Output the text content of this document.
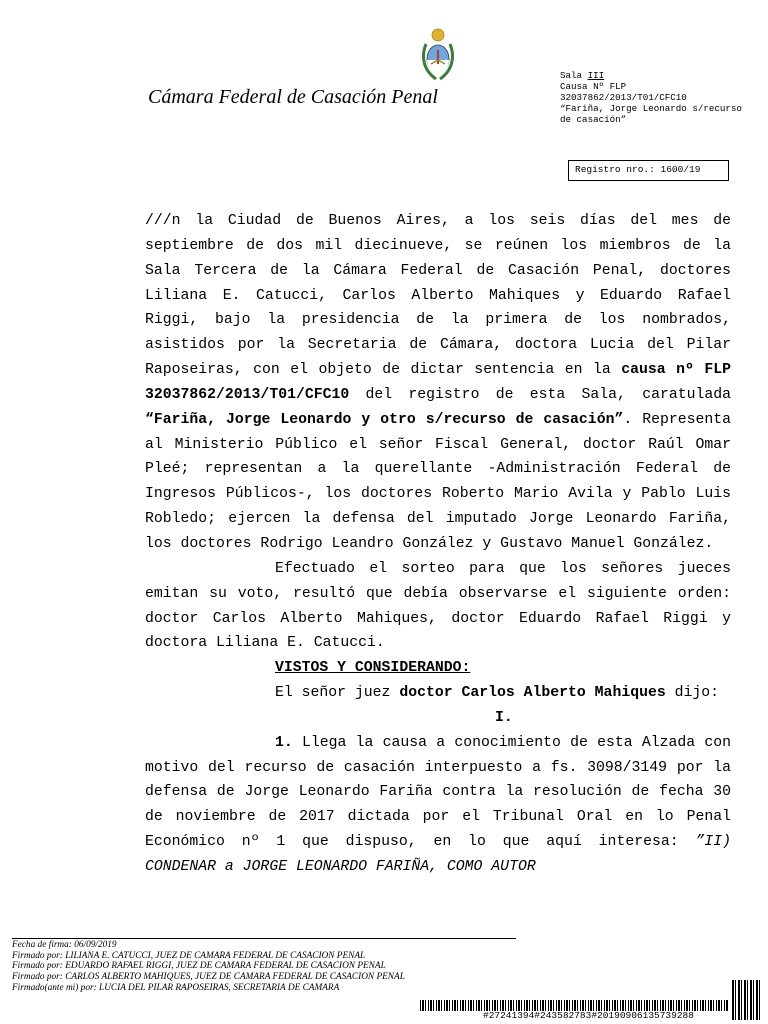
Cámara Federal de Casación Penal
Sala III
Causa Nº FLP
32037862/2013/T01/CFC10
“Fariña, Jorge Leonardo s/recurso
de casación”
Registro nro.: 1600/19

///n la Ciudad de Buenos Aires, a los seis días del mes de septiembre de dos mil diecinueve, se reúnen los miembros de la Sala Tercera de la Cámara Federal de Casación Penal, doctores Liliana E. Catucci, Carlos Alberto Mahiques y Eduardo Rafael Riggi, bajo la presidencia de la primera de los nombrados, asistidos por la Secretaria de Cámara, doctora Lucia del Pilar Raposeiras, con el objeto de dictar sentencia en la causa nº FLP 32037862/2013/T01/CFC10 del registro de esta Sala, caratulada “Fariña, Jorge Leonardo y otro s/recurso de casación”. Representa al Ministerio Público el señor Fiscal General, doctor Raúl Omar Pleé; representan a la querellante -Administración Federal de Ingresos Públicos-, los doctores Roberto Mario Avila y Pablo Luis Robledo; ejercen la defensa del imputado Jorge Leonardo Fariña, los doctores Rodrigo Leandro González y Gustavo Manuel González.

Efectuado el sorteo para que los señores jueces emitan su voto, resultó que debía observarse el siguiente orden: doctor Carlos Alberto Mahiques, doctor Eduardo Rafael Riggi y doctora Liliana E. Catucci.

VISTOS Y CONSIDERANDO:

El señor juez doctor Carlos Alberto Mahiques dijo:

I.

1. Llega la causa a conocimiento de esta Alzada con motivo del recurso de casación interpuesto a fs. 3098/3149 por la defensa de Jorge Leonardo Fariña contra la resolución de fecha 30 de noviembre de 2017 dictada por el Tribunal Oral en lo Penal Económico nº 1 que dispuso, en lo que aquí interesa: ”II) CONDENAR a JORGE LEONARDO FARIÑA, COMO AUTOR

Fecha de firma: 06/09/2019
Firmado por: LILIANA E. CATUCCI, JUEZ DE CAMARA FEDERAL DE CASACION PENAL
Firmado por: EDUARDO RAFAEL RIGGI, JUEZ DE CAMARA FEDERAL DE CASACION PENAL
Firmado por: CARLOS ALBERTO MAHIQUES, JUEZ DE CAMARA FEDERAL DE CASACION PENAL
Firmado(ante mi) por: LUCIA DEL PILAR RAPOSEIRAS, SECRETARIA DE CAMARA
#27241394#243582783#20190906135739288
